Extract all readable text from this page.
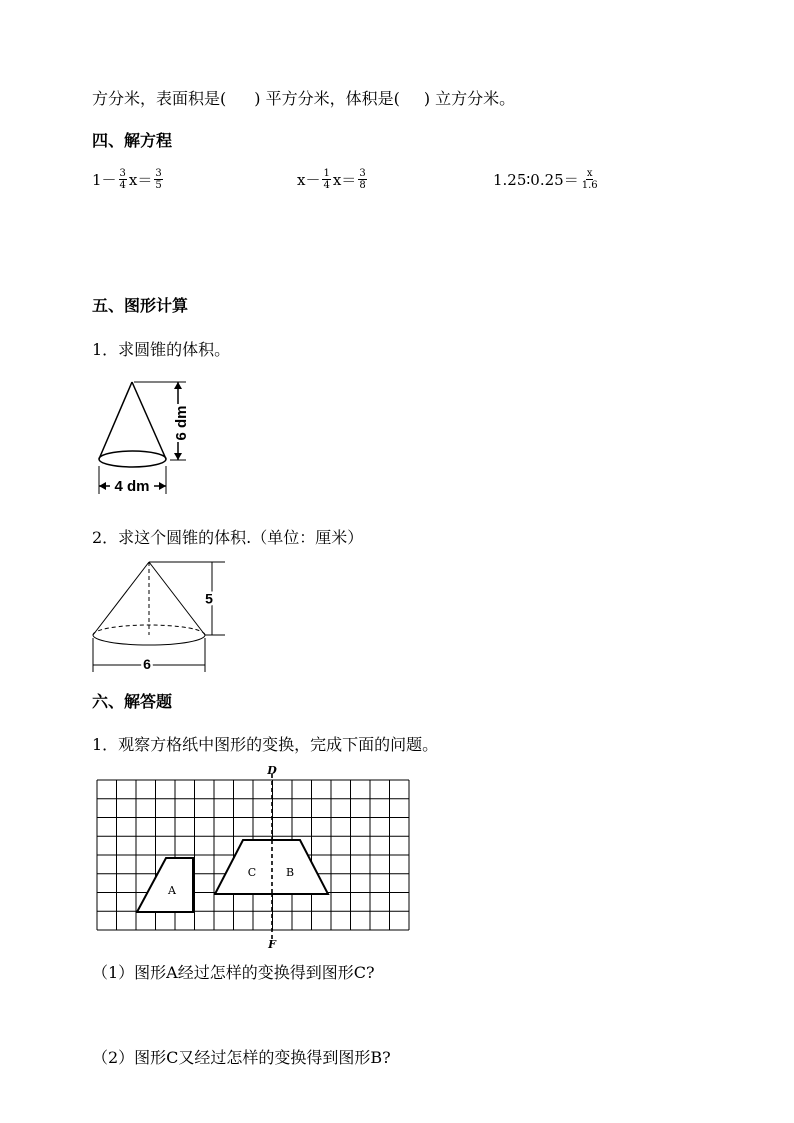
方分米，表面积是( ) 平方分米，体积是( ) 立方分米。
四、解方程
$1- \frac{3}{4} x= \frac{3}{5}$	$x- \frac{1}{4} x= \frac{3}{8}$	1.25∶0.25＝ $\frac{x}{1.6}$
五、图形计算
1．求圆锥的体积。
6 dm
4 dm
2．求这个圆锥的体积.（单位：厘米）
5
6
六、解答题
1．观察方格纸中图形的变换，完成下面的问题。
D
F
A
C	B
（1）图形A经过怎样的变换得到图形C?
（2）图形C又经过怎样的变换得到图形B?
